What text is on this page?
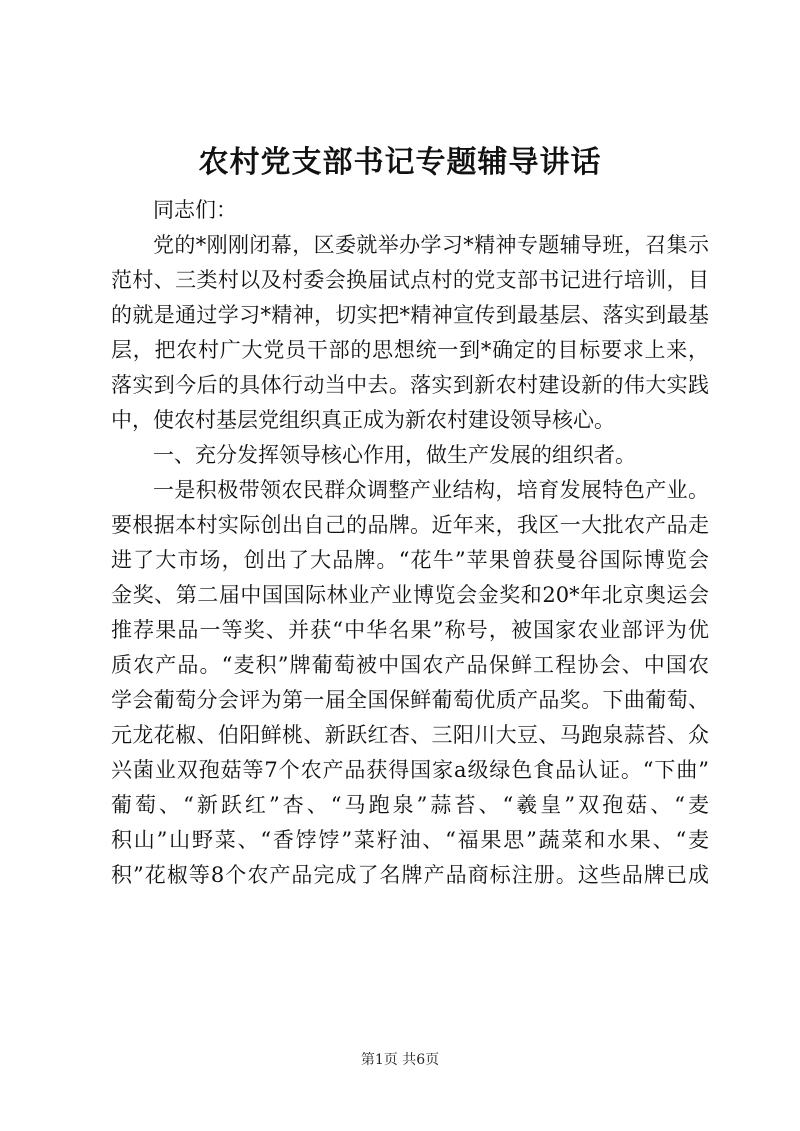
农村党支部书记专题辅导讲话
同志们：
党的*刚刚闭幕，区委就举办学习*精神专题辅导班，召集示
范村、三类村以及村委会换届试点村的党支部书记进行培训，目
的就是通过学习*精神，切实把*精神宣传到最基层、落实到最基
层，把农村广大党员干部的思想统一到*确定的目标要求上来，
落实到今后的具体行动当中去。落实到新农村建设新的伟大实践
中，使农村基层党组织真正成为新农村建设领导核心。
一、充分发挥领导核心作用，做生产发展的组织者。
一是积极带领农民群众调整产业结构，培育发展特色产业。
要根据本村实际创出自己的品牌。近年来，我区一大批农产品走
进了大市场，创出了大品牌。“花牛”苹果曾获曼谷国际博览会
金奖、第二届中国国际林业产业博览会金奖和20*年北京奥运会
推荐果品一等奖、并获“中华名果”称号，被国家农业部评为优
质农产品。“麦积”牌葡萄被中国农产品保鲜工程协会、中国农
学会葡萄分会评为第一届全国保鲜葡萄优质产品奖。下曲葡萄、
元龙花椒、伯阳鲜桃、新跃红杏、三阳川大豆、马跑泉蒜苔、众
兴菌业双孢菇等7个农产品获得国家a级绿色食品认证。“下曲”
葡萄、“新跃红”杏、“马跑泉”蒜苔、“羲皇”双孢菇、“麦
积山”山野菜、“香饽饽”菜籽油、“福果思”蔬菜和水果、“麦
积”花椒等8个农产品完成了名牌产品商标注册。这些品牌已成
第1页 共6页
